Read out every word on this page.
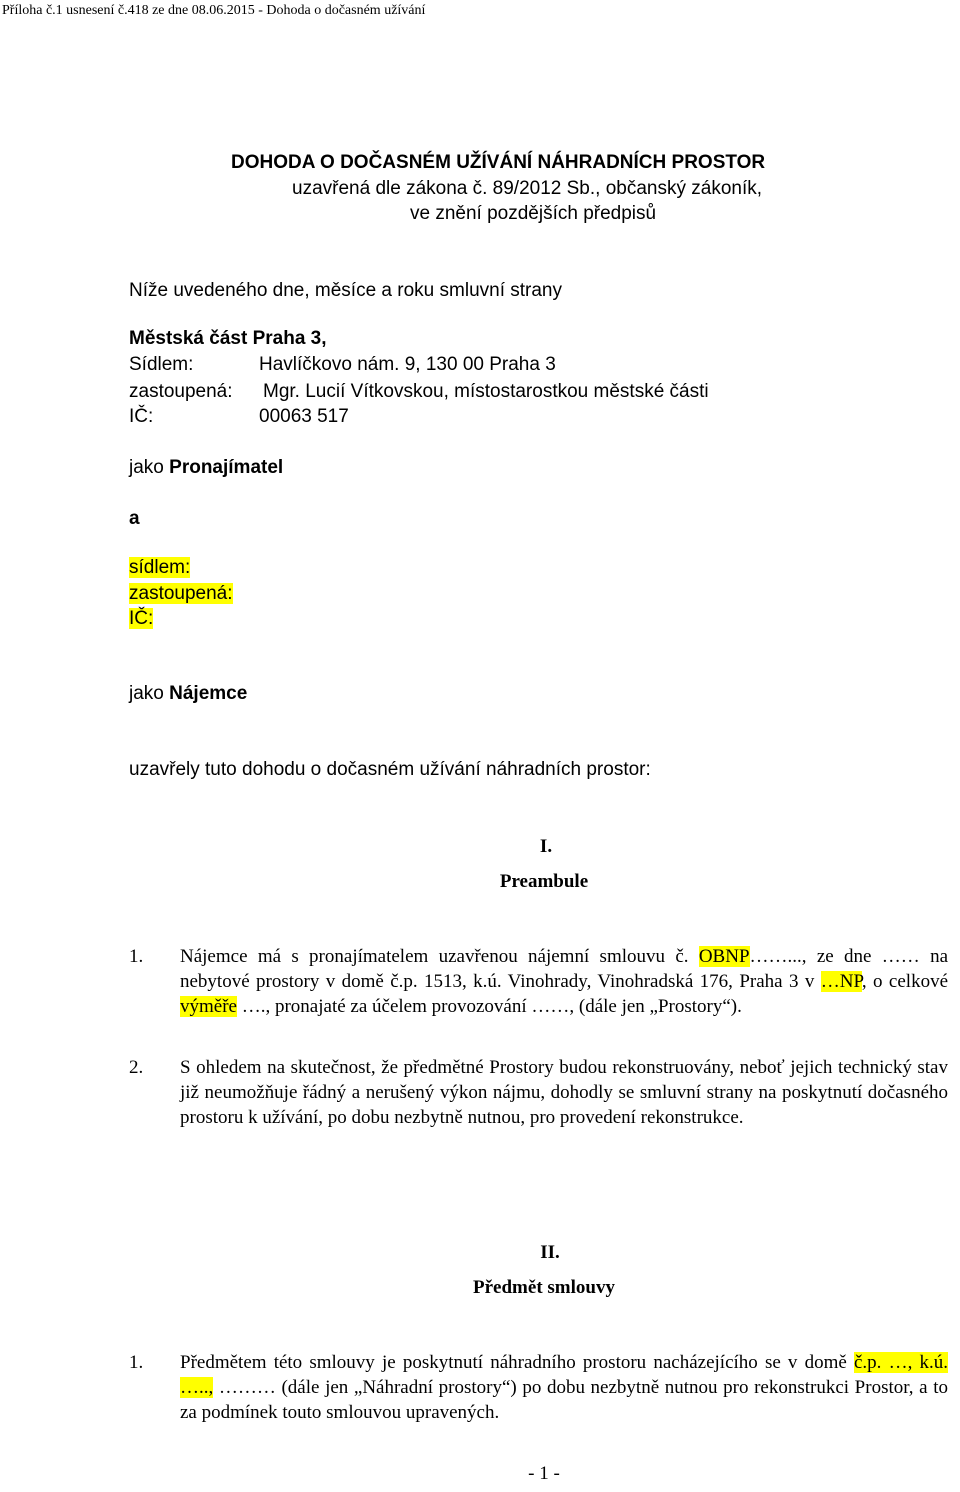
Příloha č.1 usnesení č.418 ze dne 08.06.2015 - Dohoda o dočasném užívání
DOHODA O DOČASNÉM UŽÍVÁNÍ NÁHRADNÍCH PROSTOR
uzavřená dle zákona č. 89/2012 Sb., občanský zákoník,
ve znění pozdějších předpisů
Níže uvedeného dne, měsíce a roku smluvní strany
Městská část Praha 3,
Sídlem:	Havlíčkovo nám. 9, 130 00 Praha 3
zastoupená: Mgr. Lucií Vítkovskou, místostarostkou městské části
IČ:	00063 517
jako Pronajímatel
a
sídlem:
zastoupená:
IČ:
jako Nájemce
uzavřely tuto dohodu o dočasném užívání náhradních prostor:
I.
Preambule
1. Nájemce má s pronajímatelem uzavřenou nájemní smlouvu č. OBNP……..., ze dne …… na nebytové prostory v domě č.p. 1513, k.ú. Vinohrady, Vinohradská 176, Praha 3 v …NP, o celkové výměře …., pronajaté za účelem provozování ……, (dále jen „Prostory“).
2. S ohledem na skutečnost, že předmětné Prostory budou rekonstruovány, neboť jejich technický stav již neumožňuje řádný a nerušený výkon nájmu, dohodly se smluvní strany na poskytnutí dočasného prostoru k užívání, po dobu nezbytně nutnou, pro provedení rekonstrukce.
II.
Předmět smlouvy
1. Předmětem této smlouvy je poskytnutí náhradního prostoru nacházejícího se v domě č.p. …, k.ú. ….., ……… (dále jen „Náhradní prostory“) po dobu nezbytně nutnou pro rekonstrukci Prostor, a to za podmínek touto smlouvou upravených.
- 1 -
